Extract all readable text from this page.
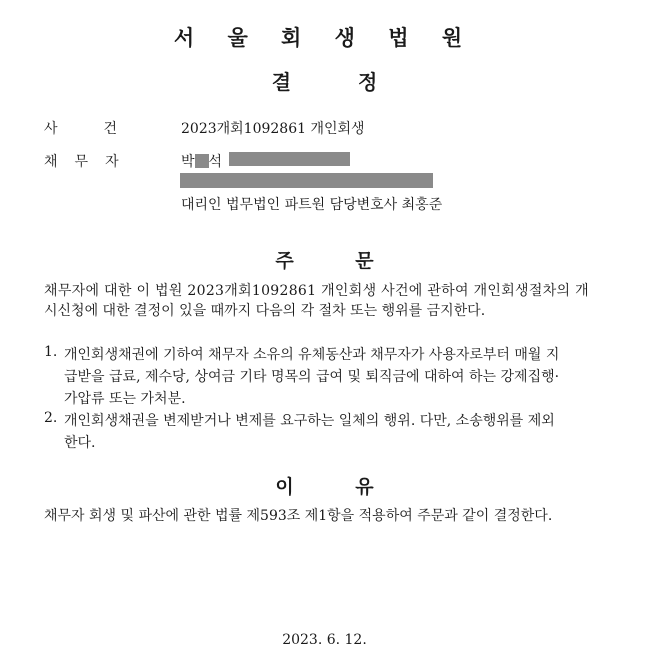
서 울 회 생 법 원
결 정
사건	2023개회1092861 개인회생
채무자	박 석
대리인 법무법인 파트원 담당변호사 최홍준
주 문
채무자에 대한 이 법원 2023개회1092861 개인회생 사건에 관하여 개인회생절차의 개
시신청에 대한 결정이 있을 때까지 다음의 각 절차 또는 행위를 금지한다.
1. 개인회생채권에 기하여 채무자 소유의 유체동산과 채무자가 사용자로부터 매월 지
급받을 급료, 제수당, 상여금 기타 명목의 급여 및 퇴직금에 대하여 하는 강제집행·
가압류 또는 가처분.
2. 개인회생채권을 변제받거나 변제를 요구하는 일체의 행위. 다만, 소송행위를 제외
한다.
이 유
채무자 회생 및 파산에 관한 법률 제593조 제1항을 적용하여 주문과 같이 결정한다.
2023. 6. 12.
